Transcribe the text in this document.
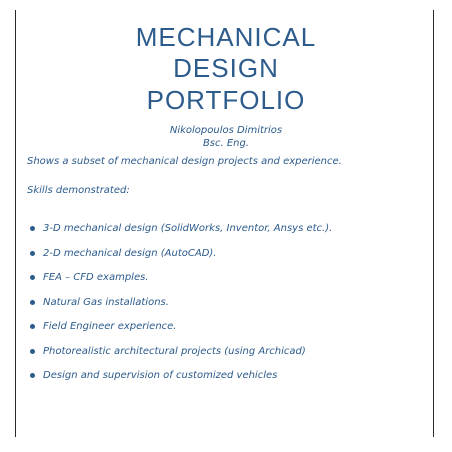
MECHANICAL
DESIGN
PORTFOLIO
Nikolopoulos Dimitrios
Bsc. Eng.
Shows a subset of mechanical design projects and experience.
Skills demonstrated:
3-D mechanical design (SolidWorks, Inventor, Ansys etc.).
2-D mechanical design (AutoCAD).
FEA – CFD examples.
Natural Gas installations.
Field Engineer experience.
Photorealistic architectural projects (using Archicad)
Design and supervision of customized vehicles
